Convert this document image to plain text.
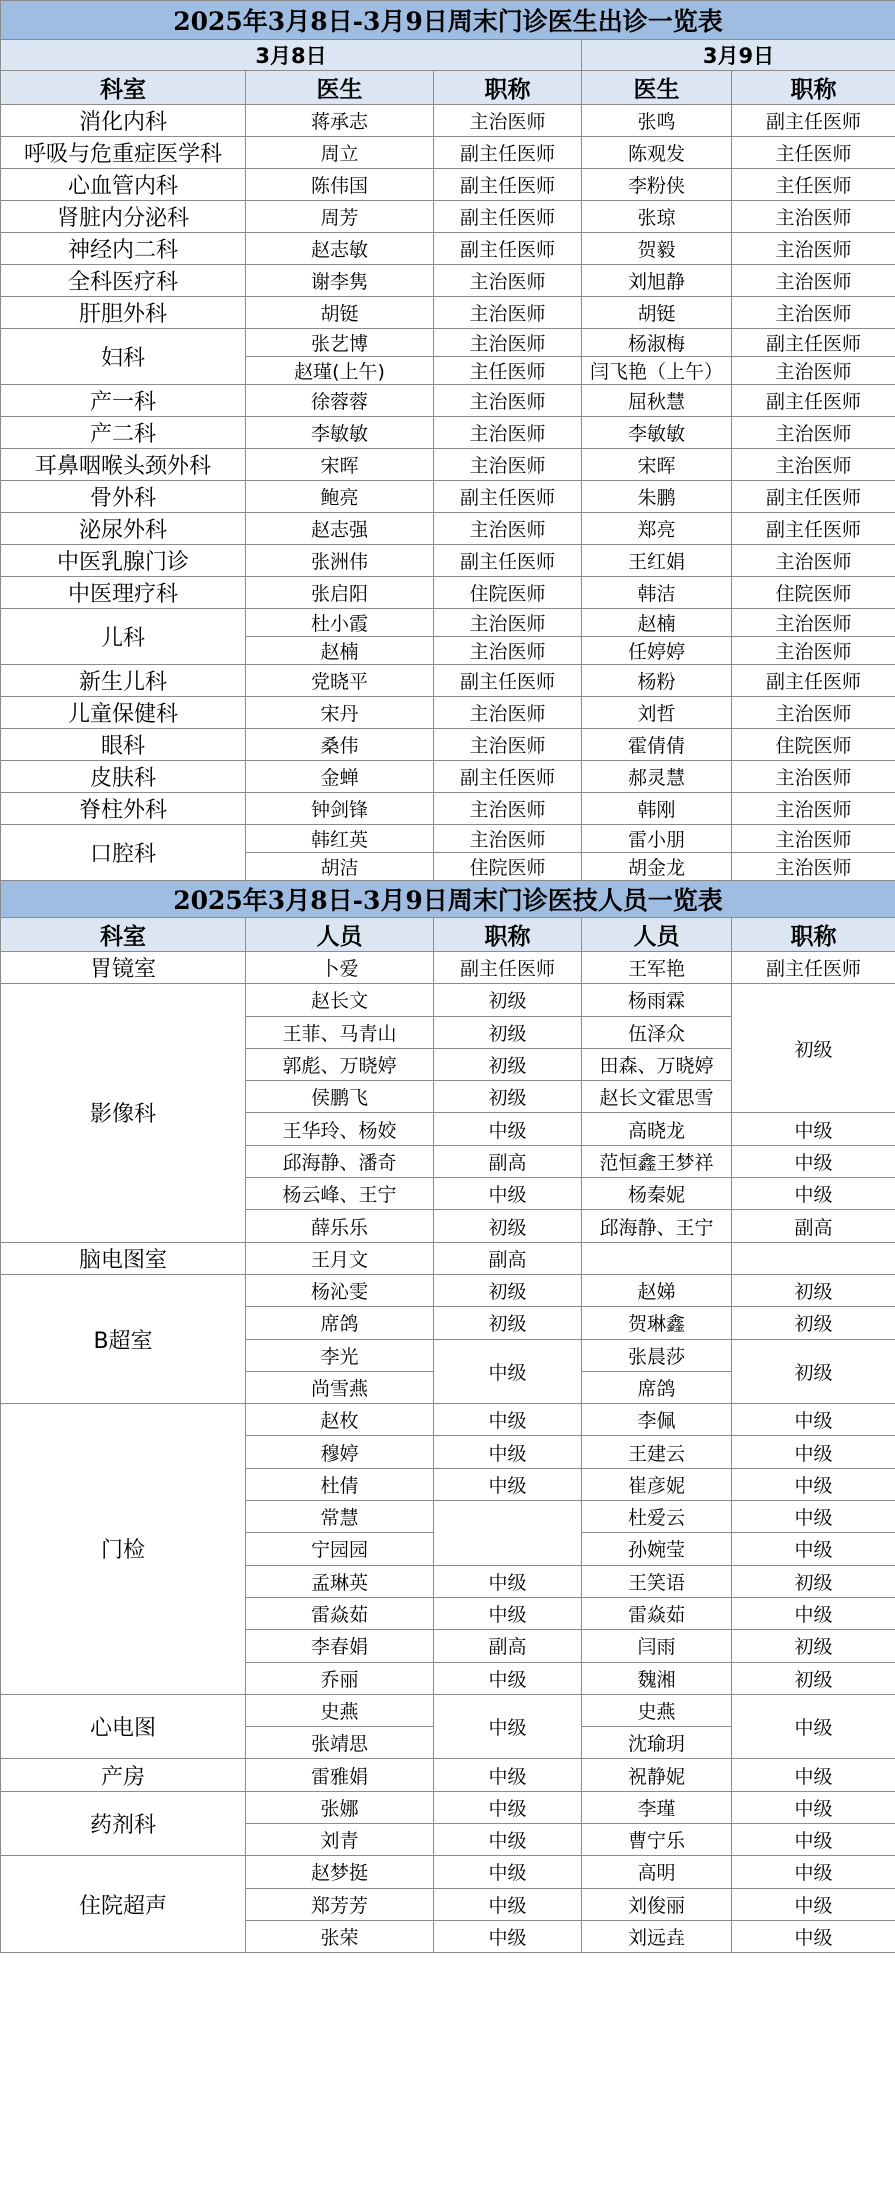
2025年3月8日-3月9日周末门诊医生出诊一览表				
3月8日			3月9日	
科室	医生	职称	医生	职称
消化内科	蒋承志	主治医师	张鸣	副主任医师
呼吸与危重症医学科	周立	副主任医师	陈观发	主任医师
心血管内科	陈伟国	副主任医师	李粉侠	主任医师
肾脏内分泌科	周芳	副主任医师	张琼	主治医师
神经内二科	赵志敏	副主任医师	贺毅	主治医师
全科医疗科	谢李隽	主治医师	刘旭静	主治医师
肝胆外科	胡铤	主治医师	胡铤	主治医师
妇科	张艺博	主治医师	杨淑梅	副主任医师
	赵瑾(上午)	主任医师	闫飞艳（上午）	主治医师
产一科	徐蓉蓉	主治医师	屈秋慧	副主任医师
产二科	李敏敏	主治医师	李敏敏	主治医师
耳鼻咽喉头颈外科	宋晖	主治医师	宋晖	主治医师
骨外科	鲍亮	副主任医师	朱鹏	副主任医师
泌尿外科	赵志强	主治医师	郑亮	副主任医师
中医乳腺门诊	张洲伟	副主任医师	王红娟	主治医师
中医理疗科	张启阳	住院医师	韩洁	住院医师
儿科	杜小霞	主治医师	赵楠	主治医师
	赵楠	主治医师	任婷婷	主治医师
新生儿科	党晓平	副主任医师	杨粉	副主任医师
儿童保健科	宋丹	主治医师	刘哲	主治医师
眼科	桑伟	主治医师	霍倩倩	住院医师
皮肤科	金蝉	副主任医师	郝灵慧	主治医师
脊柱外科	钟剑锋	主治医师	韩刚	主治医师
口腔科	韩红英	主治医师	雷小朋	主治医师
	胡洁	住院医师	胡金龙	主治医师
2025年3月8日-3月9日周末门诊医技人员一览表				
科室	人员	职称	人员	职称
胃镜室	卜爱	副主任医师	王军艳	副主任医师
影像科	赵长文	初级	杨雨霖	初级
	王菲、马青山	初级	伍泽众	
	郭彪、万晓婷	初级	田森、万晓婷	
	侯鹏飞	初级	赵长文霍思雪	
	王华玲、杨姣	中级	高晓龙	中级
	邱海静、潘奇	副高	范恒鑫王梦祥	中级
	杨云峰、王宁	中级	杨秦妮	中级
	薛乐乐	初级	邱海静、王宁	副高
脑电图室	王月文	副高		
B超室	杨沁雯	初级	赵娣	初级
	席鸽	初级	贺琳鑫	初级
	李光	中级	张晨莎	初级
	尚雪燕		席鸽	
门检	赵枚	中级	李佩	中级
	穆婷	中级	王建云	中级
	杜倩	中级	崔彦妮	中级
	常慧		杜爱云	中级
	宁园园		孙婉莹	中级
	孟琳英	中级	王笑语	初级
	雷焱茹	中级	雷焱茹	中级
	李春娟	副高	闫雨	初级
	乔丽	中级	魏湘	初级
心电图	史燕	中级	史燕	中级
	张靖思		沈瑜玥	
产房	雷雅娟	中级	祝静妮	中级
药剂科	张娜	中级	李瑾	中级
	刘青	中级	曹宁乐	中级
住院超声	赵梦挺	中级	高明	中级
	郑芳芳	中级	刘俊丽	中级
	张荣	中级	刘远垚	中级
